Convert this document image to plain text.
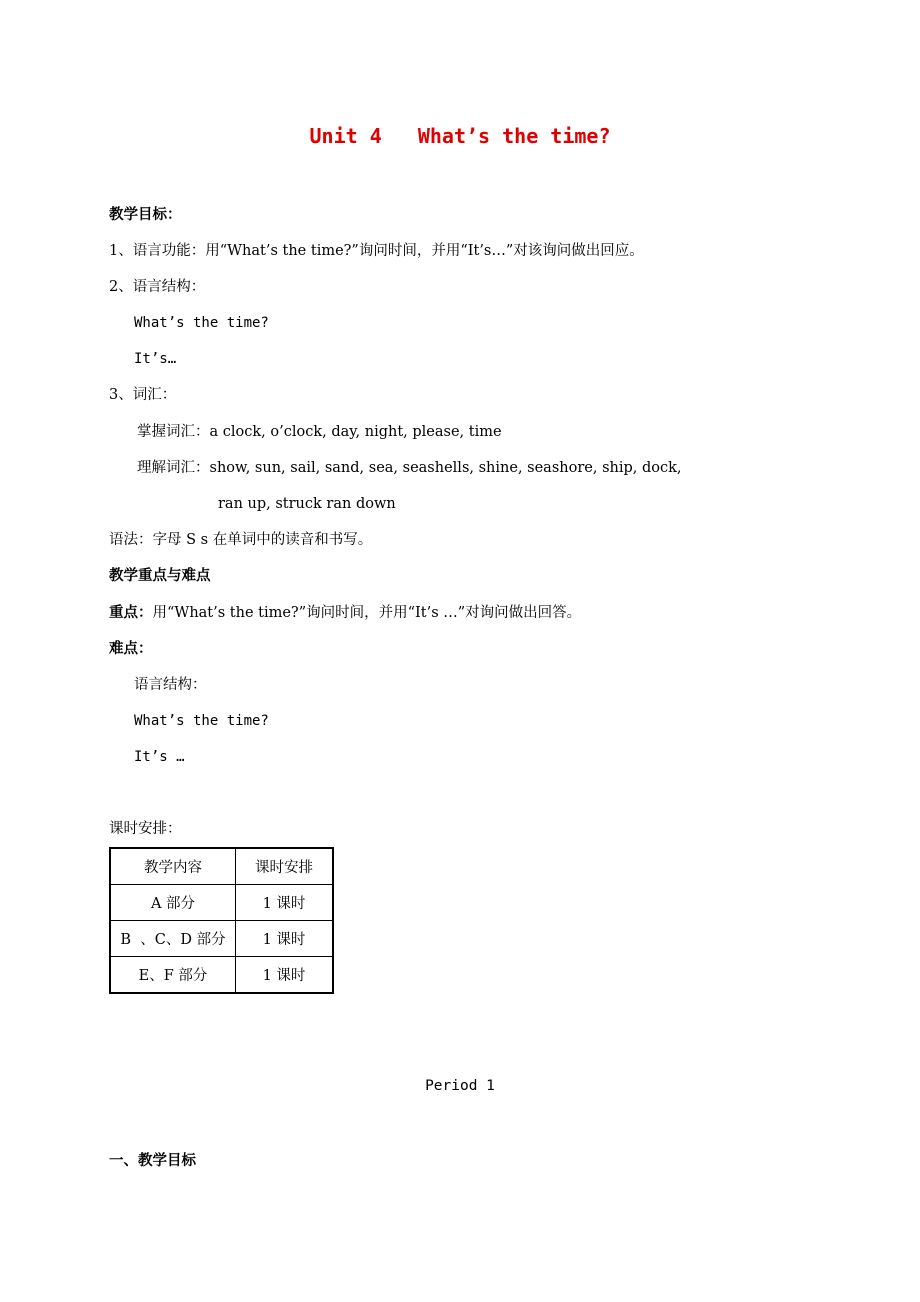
Unit 4   What’s the time?
教学目标：
1、语言功能：用“What’s the time?”询问时间，并用“It’s…”对该询问做出回应。
2、语言结构：
What’s the time?
It’s…
3、词汇：
掌握词汇：a clock, o’clock, day, night, please, time
理解词汇：show, sun, sail, sand, sea, seashells, shine, seashore, ship, dock,
ran up, struck ran down
语法：字母 S s 在单词中的读音和书写。
教学重点与难点
重点：用“What’s the time?”询问时间，并用“It’s …”对询问做出回答。
难点：
语言结构：
What’s the time?
It’s …
课时安排：
教学内容	课时安排
A 部分	1 课时
B  、C、D 部分	1 课时
E、F 部分	1 课时
Period 1
一、教学目标
